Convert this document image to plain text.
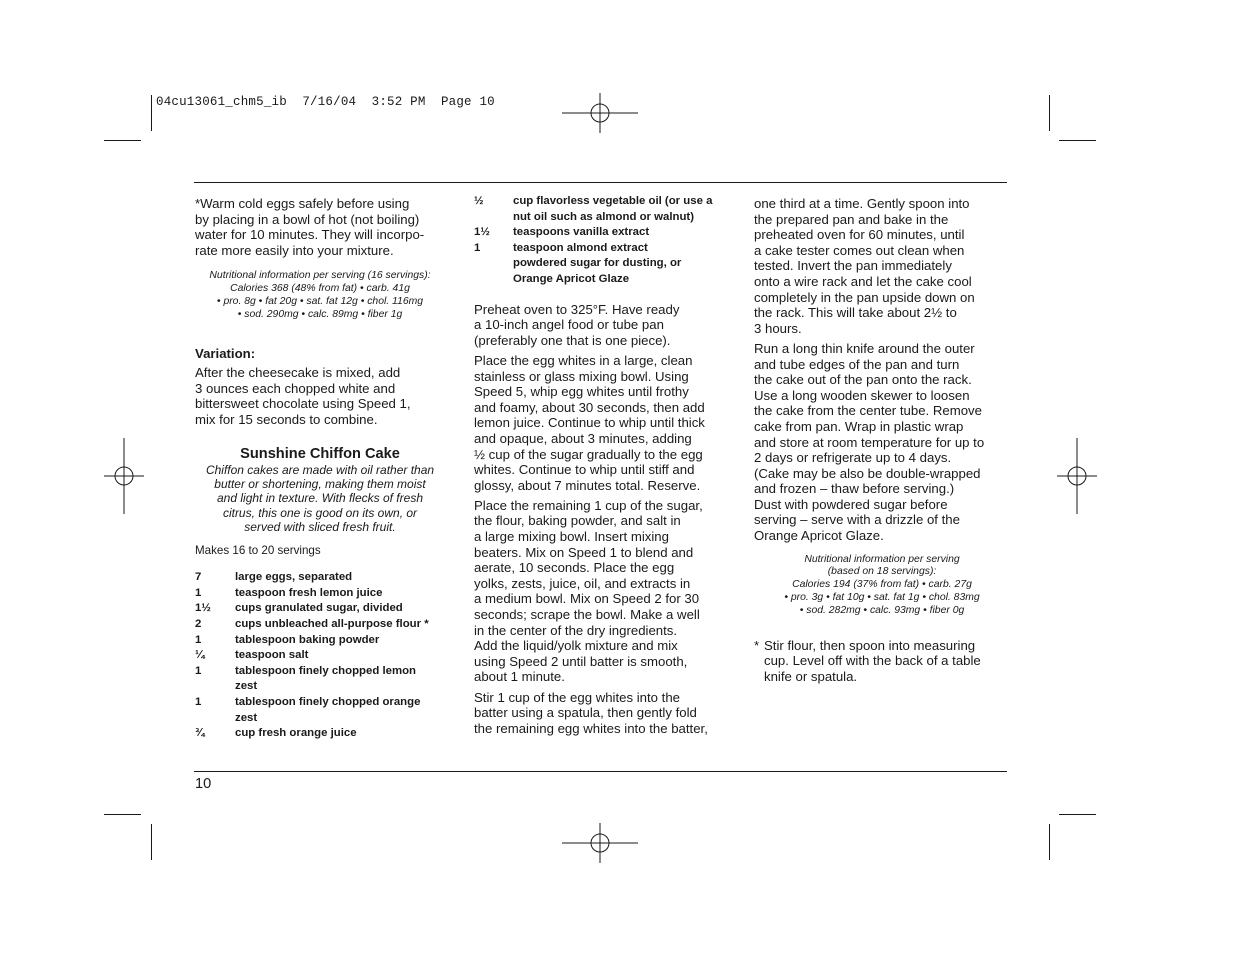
04cu13061_chm5_ib  7/16/04  3:52 PM  Page 10
*Warm cold eggs safely before using
by placing in a bowl of hot (not boiling)
water for 10 minutes. They will incorpo-
rate more easily into your mixture.
Nutritional information per serving (16 servings):
Calories 368 (48% from fat) • carb. 41g
• pro. 8g • fat 20g • sat. fat 12g • chol. 116mg
• sod. 290mg • calc. 89mg • fiber 1g
Variation:
After the cheesecake is mixed, add
3 ounces each chopped white and
bittersweet chocolate using Speed 1,
mix for 15 seconds to combine.
Sunshine Chiffon Cake
Chiffon cakes are made with oil rather than
butter or shortening, making them moist
and light in texture. With flecks of fresh
citrus, this one is good on its own, or
served with sliced fresh fruit.
Makes 16 to 20 servings
7	large eggs, separated
1	teaspoon fresh lemon juice
1½	cups granulated sugar, divided
2	cups unbleached all-purpose flour *
1	tablespoon baking powder
¼	teaspoon salt
1	tablespoon finely chopped lemon
zest
1	tablespoon finely chopped orange
zest
¾	cup fresh orange juice
½	cup flavorless vegetable oil (or use a
nut oil such as almond or walnut)
1½	teaspoons vanilla extract
1	teaspoon almond extract
powdered sugar for dusting, or
Orange Apricot Glaze

Preheat oven to 325°F. Have ready
a 10-inch angel food or tube pan
(preferably one that is one piece).

Place the egg whites in a large, clean
stainless or glass mixing bowl. Using
Speed 5, whip egg whites until frothy
and foamy, about 30 seconds, then add
lemon juice. Continue to whip until thick
and opaque, about 3 minutes, adding
½ cup of the sugar gradually to the egg
whites. Continue to whip until stiff and
glossy, about 7 minutes total. Reserve.

Place the remaining 1 cup of the sugar,
the flour, baking powder, and salt in
a large mixing bowl. Insert mixing
beaters. Mix on Speed 1 to blend and
aerate, 10 seconds. Place the egg
yolks, zests, juice, oil, and extracts in
a medium bowl. Mix on Speed 2 for 30
seconds; scrape the bowl. Make a well
in the center of the dry ingredients.
Add the liquid/yolk mixture and mix
using Speed 2 until batter is smooth,
about 1 minute.

Stir 1 cup of the egg whites into the
batter using a spatula, then gently fold
the remaining egg whites into the batter,

one third at a time. Gently spoon into
the prepared pan and bake in the
preheated oven for 60 minutes, until
a cake tester comes out clean when
tested. Invert the pan immediately
onto a wire rack and let the cake cool
completely in the pan upside down on
the rack. This will take about 2½ to
3 hours.

Run a long thin knife around the outer
and tube edges of the pan and turn
the cake out of the pan onto the rack.
Use a long wooden skewer to loosen
the cake from the center tube. Remove
cake from pan. Wrap in plastic wrap
and store at room temperature for up to
2 days or refrigerate up to 4 days.
(Cake may be also be double-wrapped
and frozen – thaw before serving.)
Dust with powdered sugar before
serving – serve with a drizzle of the
Orange Apricot Glaze.

Nutritional information per serving
(based on 18 servings):
Calories 194 (37% from fat) • carb. 27g
• pro. 3g • fat 10g • sat. fat 1g • chol. 83mg
• sod. 282mg • calc. 93mg • fiber 0g
* Stir flour, then spoon into measuring
cup. Level off with the back of a table
knife or spatula.
10
